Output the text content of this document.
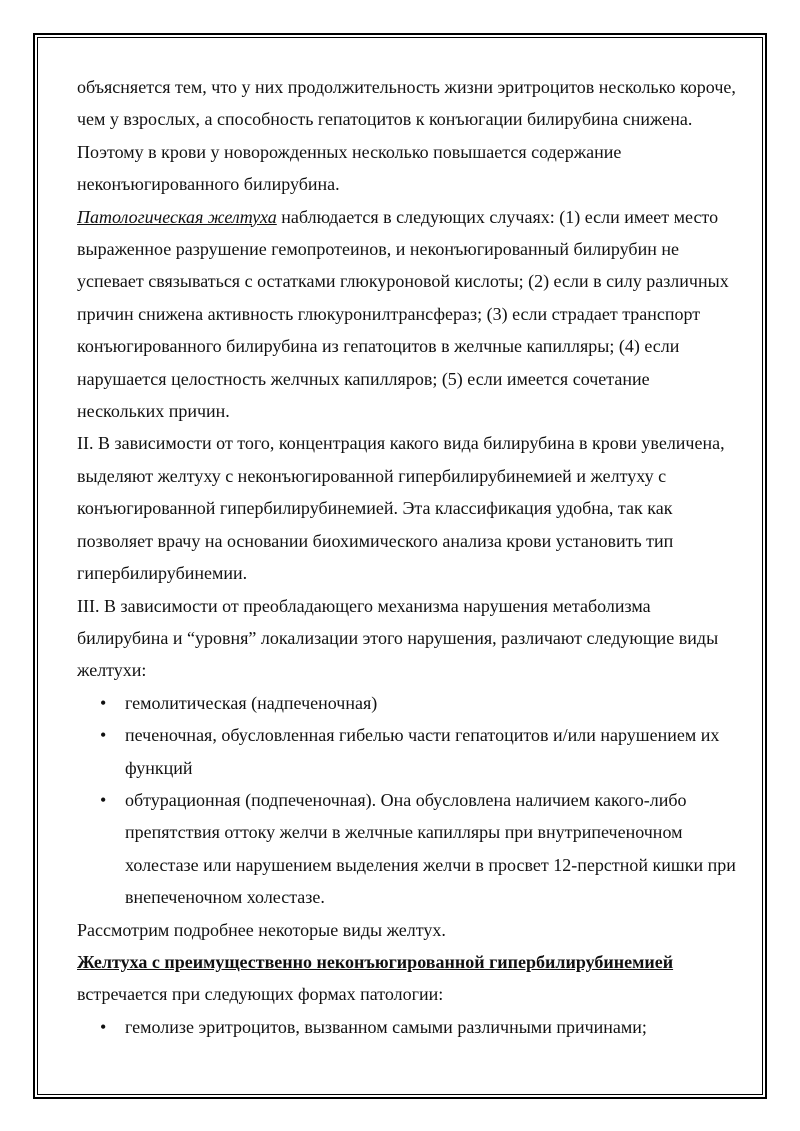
объясняется тем, что у них продолжительность жизни эритроцитов несколько короче, чем у взрослых, а способность гепатоцитов к конъюгации билирубина снижена. Поэтому в крови у новорожденных несколько повышается содержание неконъюгированного билирубина.

Патологическая желтуха наблюдается в следующих случаях: (1) если имеет место выраженное разрушение гемопротеинов, и неконъюгированный билирубин не успевает связываться с остатками глюкуроновой кислоты; (2) если в силу различных причин снижена активность глюкуронилтрансфераз; (3) если страдает транспорт конъюгированного билирубина из гепатоцитов в желчные капилляры; (4) если нарушается целостность желчных капилляров; (5) если имеется сочетание нескольких причин.

II. В зависимости от того, концентрация какого вида билирубина в крови увеличена, выделяют желтуху с неконъюгированной гипербилирубинемией и желтуху с конъюгированной гипербилирубинемией. Эта классификация удобна, так как позволяет врачу на основании биохимического анализа крови установить тип гипербилирубинемии.

III. В зависимости от преобладающего механизма нарушения метаболизма билирубина и “уровня” локализации этого нарушения, различают следующие виды желтухи:

• гемолитическая (надпеченочная)
• печеночная, обусловленная гибелью части гепатоцитов и/или нарушением их функций
• обтурационная (подпеченочная). Она обусловлена наличием какого-либо препятствия оттоку желчи в желчные капилляры при внутрипеченочном холестазе или нарушением выделения желчи в просвет 12-перстной кишки при внепеченочном холестазе.

Рассмотрим подробнее некоторые виды желтух.

Желтуха с преимущественно неконъюгированной гипербилирубинемией встречается при следующих формах патологии:

• гемолизе эритроцитов, вызванном самыми различными причинами;
